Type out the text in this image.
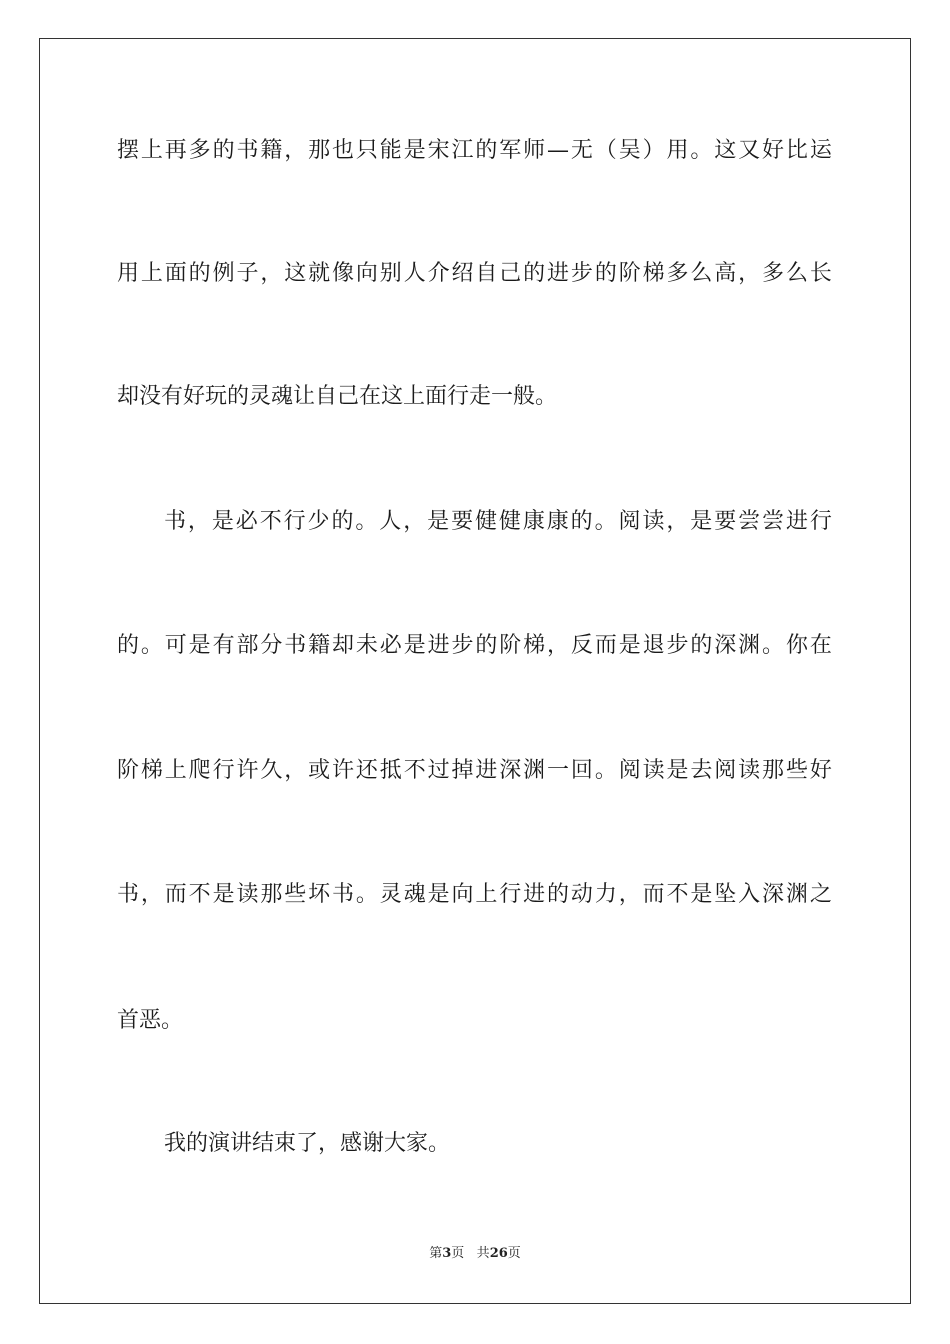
摆 上 再 多 的 书 籍 ， 那 也 只 能 是 宋 江 的 军 师 — 无 （ 吴 ） 用 。 这 又 好 比 运
用 上 面 的 例 子 ， 这 就 像 向 别 人 介 绍 自 己 的 进 步 的 阶 梯 多 么 高 ， 多 么 长
却没有好玩的灵魂让自己在这上面行走一般。
书 ， 是 必 不 行 少 的 。 人 ， 是 要 健 健 康 康 的 。 阅 读 ， 是 要 尝 尝 进 行
的 。 可 是 有 部 分 书 籍 却 未 必 是 进 步 的 阶 梯 ， 反 而 是 退 步 的 深 渊 。 你 在
阶 梯 上 爬 行 许 久 ， 或 许 还 抵 不 过 掉 进 深 渊 一 回 。 阅 读 是 去 阅 读 那 些 好
书 ， 而 不 是 读 那 些 坏 书 。 灵 魂 是 向 上 行 进 的 动 力 ， 而 不 是 坠 入 深 渊 之
首恶。
我的演讲结束了，感谢大家。
第3页 共26页
